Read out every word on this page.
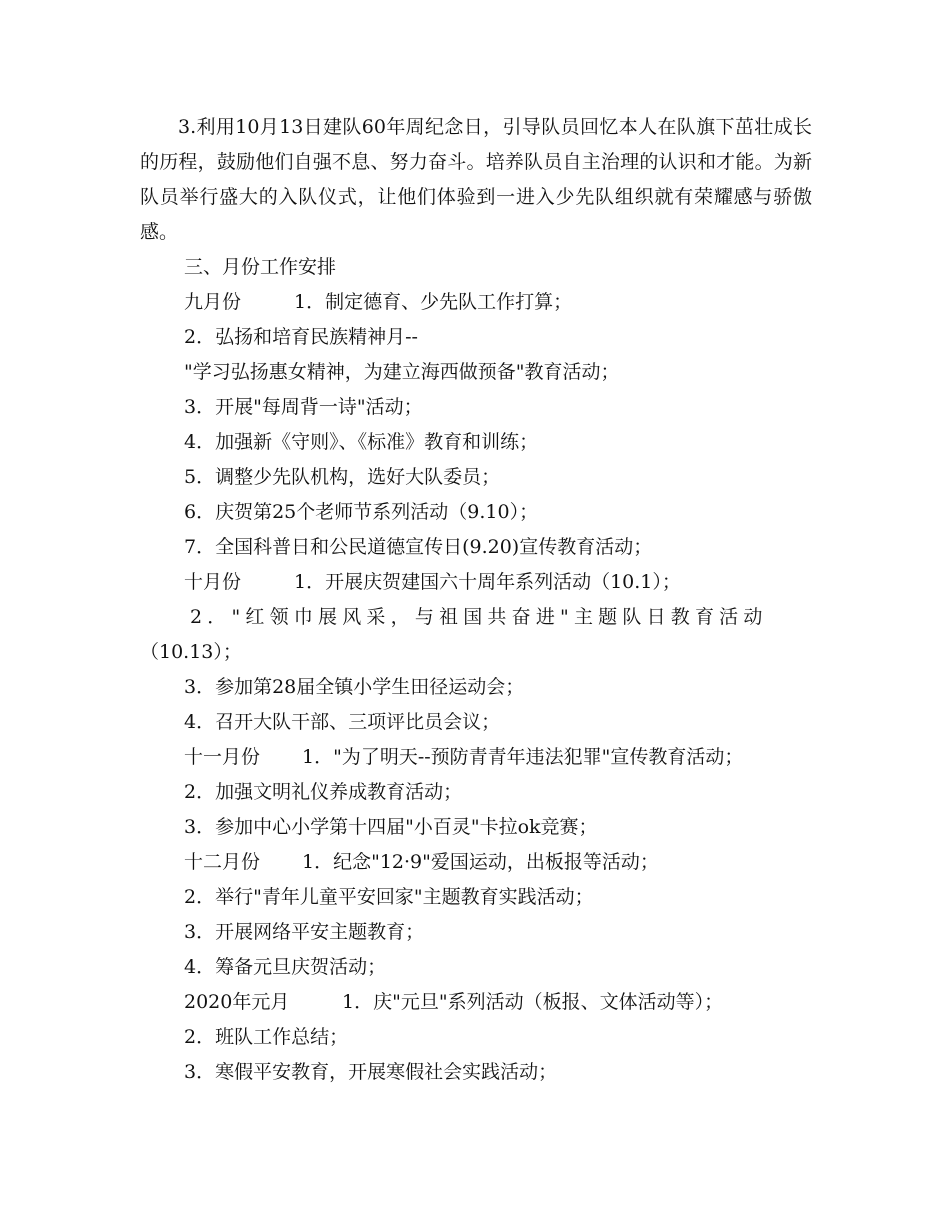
3.利用10月13日建队60年周纪念日，引导队员回忆本人在队旗下茁壮成长的历程，鼓励他们自强不息、努力奋斗。培养队员自主治理的认识和才能。为新队员举行盛大的入队仪式，让他们体验到一进入少先队组织就有荣耀感与骄傲感。

三、月份工作安排
九月份	1．制定德育、少先队工作打算；
2．弘扬和培育民族精神月--
"学习弘扬惠女精神，为建立海西做预备"教育活动；
3．开展"每周背一诗"活动；
4．加强新《守则》、《标准》教育和训练；
5．调整少先队机构，选好大队委员；
6．庆贺第25个老师节系列活动（9.10）；
7．全国科普日和公民道德宣传日(9.20)宣传教育活动；
十月份	1．开展庆贺建国六十周年系列活动（10.1）；
2．"红领巾展风采，与祖国共奋进"主题队日教育活动
（10.13）；
3．参加第28届全镇小学生田径运动会；
4．召开大队干部、三项评比员会议；
十一月份 1．"为了明天--预防青青年违法犯罪"宣传教育活动；
2．加强文明礼仪养成教育活动；
3．参加中心小学第十四届"小百灵"卡拉ok竞赛；
十二月份 1．纪念"12·9"爱国运动，出板报等活动；
2．举行"青年儿童平安回家"主题教育实践活动；
3．开展网络平安主题教育；
4．筹备元旦庆贺活动；
2020年元月	1．庆"元旦"系列活动（板报、文体活动等）；
2．班队工作总结；
3．寒假平安教育，开展寒假社会实践活动；
